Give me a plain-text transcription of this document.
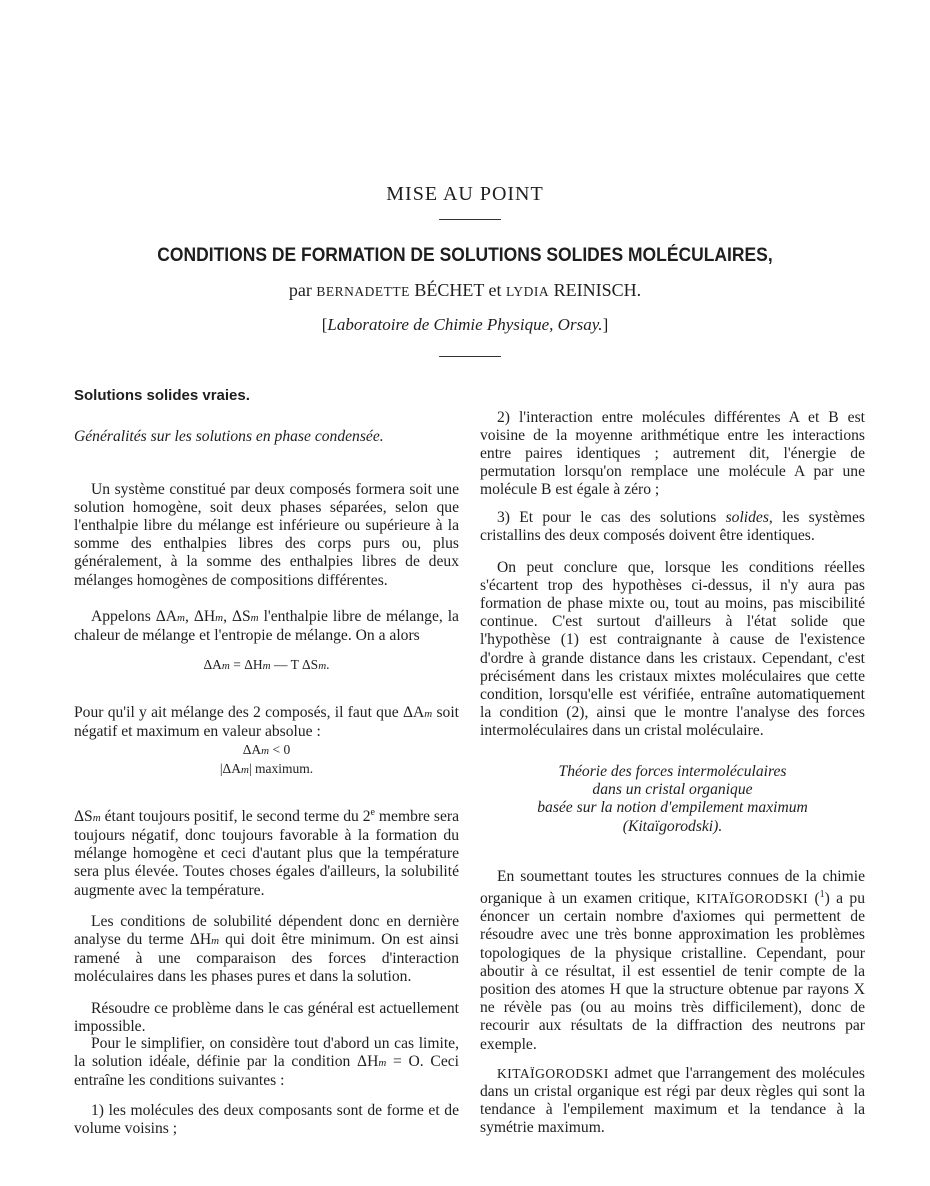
MISE AU POINT
CONDITIONS DE FORMATION DE SOLUTIONS SOLIDES MOLÉCULAIRES,
par BERNADETTE BÉCHET et LYDIA REINISCH.
[Laboratoire de Chimie Physique, Orsay.]
Solutions solides vraies.
Généralités sur les solutions en phase condensée.

Un système constitué par deux composés formera soit une solution homogène, soit deux phases séparées, selon que l'enthalpie libre du mélange est inférieure ou supérieure à la somme des enthalpies libres des corps purs ou, plus généralement, à la somme des enthalpies libres de deux mélanges homogènes de compositions différentes.

Appelons ΔAm, ΔHm, ΔSm l'enthalpie libre de mélange, la chaleur de mélange et l'entropie de mélange. On a alors

ΔAm = ΔHm — T ΔSm.

Pour qu'il y ait mélange des 2 composés, il faut que ΔAm soit négatif et maximum en valeur absolue :

ΔAm < 0
|ΔAm| maximum.

ΔSm étant toujours positif, le second terme du 2e membre sera toujours négatif, donc toujours favorable à la formation du mélange homogène et ceci d'autant plus que la température sera plus élevée. Toutes choses égales d'ailleurs, la solubilité augmente avec la température.

Les conditions de solubilité dépendent donc en dernière analyse du terme ΔHm qui doit être minimum. On est ainsi ramené à une comparaison des forces d'interaction moléculaires dans les phases pures et dans la solution.

Résoudre ce problème dans le cas général est actuellement impossible.

Pour le simplifier, on considère tout d'abord un cas limite, la solution idéale, définie par la condition ΔHm = O. Ceci entraîne les conditions suivantes :

1) les molécules des deux composants sont de forme et de volume voisins ;

2) l'interaction entre molécules différentes A et B est voisine de la moyenne arithmétique entre les interactions entre paires identiques ; autrement dit, l'énergie de permutation lorsqu'on remplace une molécule A par une molécule B est égale à zéro ;

3) Et pour le cas des solutions solides, les systèmes cristallins des deux composés doivent être identiques.

On peut conclure que, lorsque les conditions réelles s'écartent trop des hypothèses ci-dessus, il n'y aura pas formation de phase mixte ou, tout au moins, pas miscibilité continue. C'est surtout d'ailleurs à l'état solide que l'hypothèse (1) est contraignante à cause de l'existence d'ordre à grande distance dans les cristaux. Cependant, c'est précisément dans les cristaux mixtes moléculaires que cette condition, lorsqu'elle est vérifiée, entraîne automatiquement la condition (2), ainsi que le montre l'analyse des forces intermoléculaires dans un cristal moléculaire.

Théorie des forces intermoléculaires
dans un cristal organique
basée sur la notion d'empilement maximum
(Kitaïgorodski).

En soumettant toutes les structures connues de la chimie organique à un examen critique, KITAÏGORODSKI ($^1$) a pu énoncer un certain nombre d'axiomes qui permettent de résoudre avec une très bonne approximation les problèmes topologiques de la physique cristalline. Cependant, pour aboutir à ce résultat, il est essentiel de tenir compte de la position des atomes H que la structure obtenue par rayons X ne révèle pas (ou au moins très difficilement), donc de recourir aux résultats de la diffraction des neutrons par exemple.

KITAÏGORODSKI admet que l'arrangement des molécules dans un cristal organique est régi par deux règles qui sont la tendance à l'empilement maximum et la tendance à la symétrie maximum.
